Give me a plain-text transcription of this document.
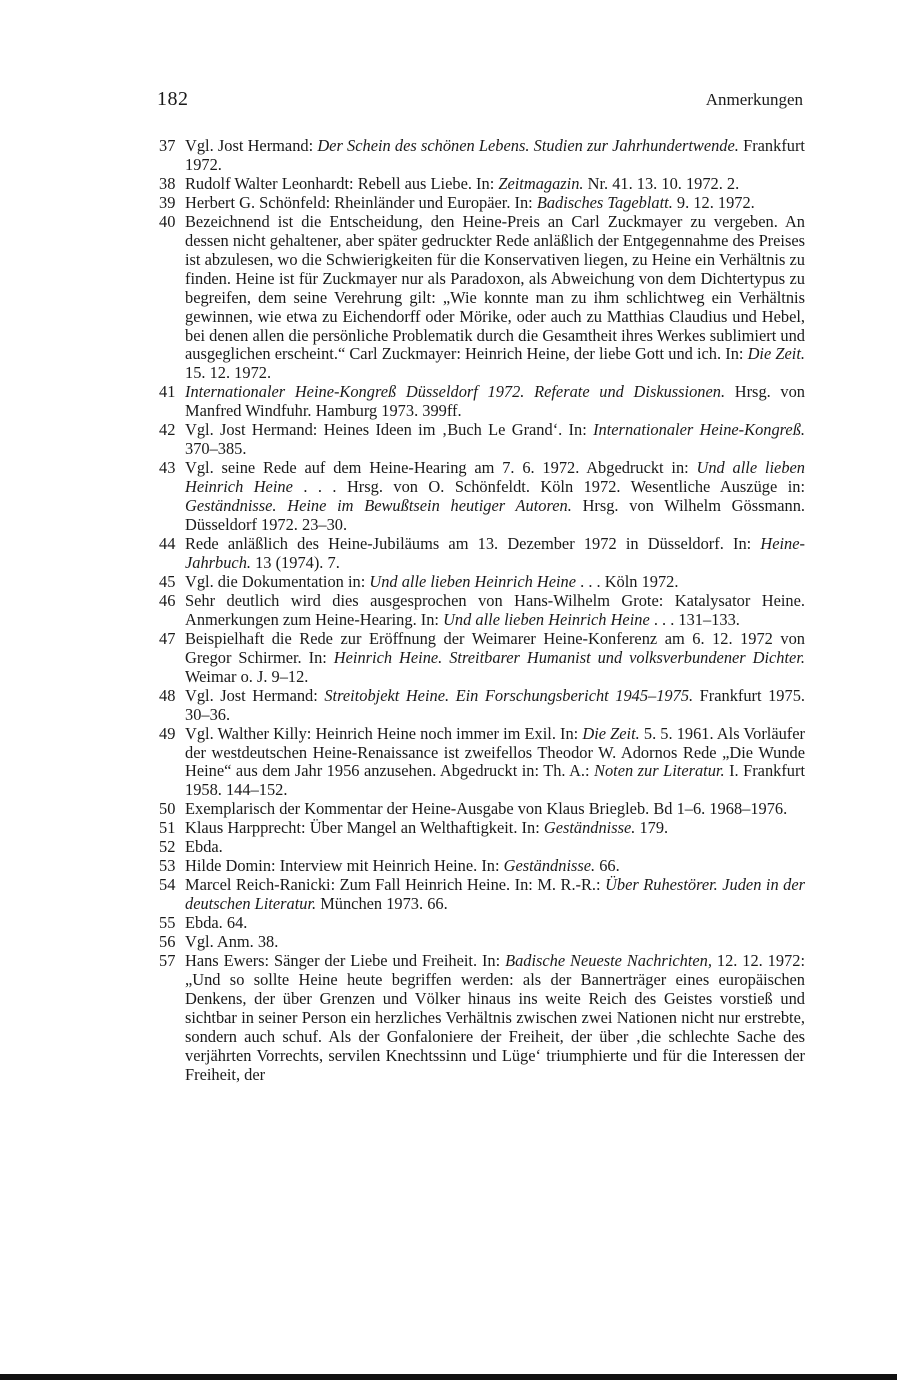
182	Anmerkungen
37 Vgl. Jost Hermand: Der Schein des schönen Lebens. Studien zur Jahrhundertwende. Frankfurt 1972.
38 Rudolf Walter Leonhardt: Rebell aus Liebe. In: Zeitmagazin. Nr. 41. 13. 10. 1972. 2.
39 Herbert G. Schönfeld: Rheinländer und Europäer. In: Badisches Tageblatt. 9. 12. 1972.
40 Bezeichnend ist die Entscheidung, den Heine-Preis an Carl Zuckmayer zu vergeben. An dessen nicht gehaltener, aber später gedruckter Rede anläßlich der Entgegennahme des Preises ist abzulesen, wo die Schwierigkeiten für die Konservativen liegen, zu Heine ein Verhältnis zu finden. Heine ist für Zuckmayer nur als Paradoxon, als Abweichung von dem Dichtertypus zu begreifen, dem seine Verehrung gilt: „Wie konnte man zu ihm schlichtweg ein Verhältnis gewinnen, wie etwa zu Eichendorff oder Mörike, oder auch zu Matthias Claudius und Hebel, bei denen allen die persönliche Problematik durch die Gesamtheit ihres Werkes sublimiert und ausgeglichen erscheint.“ Carl Zuckmayer: Heinrich Heine, der liebe Gott und ich. In: Die Zeit. 15. 12. 1972.
41 Internationaler Heine-Kongreß Düsseldorf 1972. Referate und Diskussionen. Hrsg. von Manfred Windfuhr. Hamburg 1973. 399ff.
42 Vgl. Jost Hermand: Heines Ideen im ‚Buch Le Grand‘. In: Internationaler Heine-Kongreß. 370–385.
43 Vgl. seine Rede auf dem Heine-Hearing am 7. 6. 1972. Abgedruckt in: Und alle lieben Heinrich Heine . . . Hrsg. von O. Schönfeldt. Köln 1972. Wesentliche Auszüge in: Geständnisse. Heine im Bewußtsein heutiger Autoren. Hrsg. von Wilhelm Gössmann. Düsseldorf 1972. 23–30.
44 Rede anläßlich des Heine-Jubiläums am 13. Dezember 1972 in Düsseldorf. In: Heine-Jahrbuch. 13 (1974). 7.
45 Vgl. die Dokumentation in: Und alle lieben Heinrich Heine . . . Köln 1972.
46 Sehr deutlich wird dies ausgesprochen von Hans-Wilhelm Grote: Katalysator Heine. Anmerkungen zum Heine-Hearing. In: Und alle lieben Heinrich Heine . . . 131–133.
47 Beispielhaft die Rede zur Eröffnung der Weimarer Heine-Konferenz am 6. 12. 1972 von Gregor Schirmer. In: Heinrich Heine. Streitbarer Humanist und volksverbundener Dichter. Weimar o. J. 9–12.
48 Vgl. Jost Hermand: Streitobjekt Heine. Ein Forschungsbericht 1945–1975. Frankfurt 1975. 30–36.
49 Vgl. Walther Killy: Heinrich Heine noch immer im Exil. In: Die Zeit. 5. 5. 1961. Als Vorläufer der westdeutschen Heine-Renaissance ist zweifellos Theodor W. Adornos Rede „Die Wunde Heine“ aus dem Jahr 1956 anzusehen. Abgedruckt in: Th. A.: Noten zur Literatur. I. Frankfurt 1958. 144–152.
50 Exemplarisch der Kommentar der Heine-Ausgabe von Klaus Briegleb. Bd 1–6. 1968–1976.
51 Klaus Harpprecht: Über Mangel an Welthaftigkeit. In: Geständnisse. 179.
52 Ebda.
53 Hilde Domin: Interview mit Heinrich Heine. In: Geständnisse. 66.
54 Marcel Reich-Ranicki: Zum Fall Heinrich Heine. In: M. R.-R.: Über Ruhestörer. Juden in der deutschen Literatur. München 1973. 66.
55 Ebda. 64.
56 Vgl. Anm. 38.
57 Hans Ewers: Sänger der Liebe und Freiheit. In: Badische Neueste Nachrichten, 12. 12. 1972: „Und so sollte Heine heute begriffen werden: als der Bannerträger eines europäischen Denkens, der über Grenzen und Völker hinaus ins weite Reich des Geistes vorstieß und sichtbar in seiner Person ein herzliches Verhältnis zwischen zwei Nationen nicht nur erstrebte, sondern auch schuf. Als der Gonfaloniere der Freiheit, der über ‚die schlechte Sache des verjährten Vorrechts, servilen Knechtssinn und Lüge‘ triumphierte und für die Interessen der Freiheit, der
